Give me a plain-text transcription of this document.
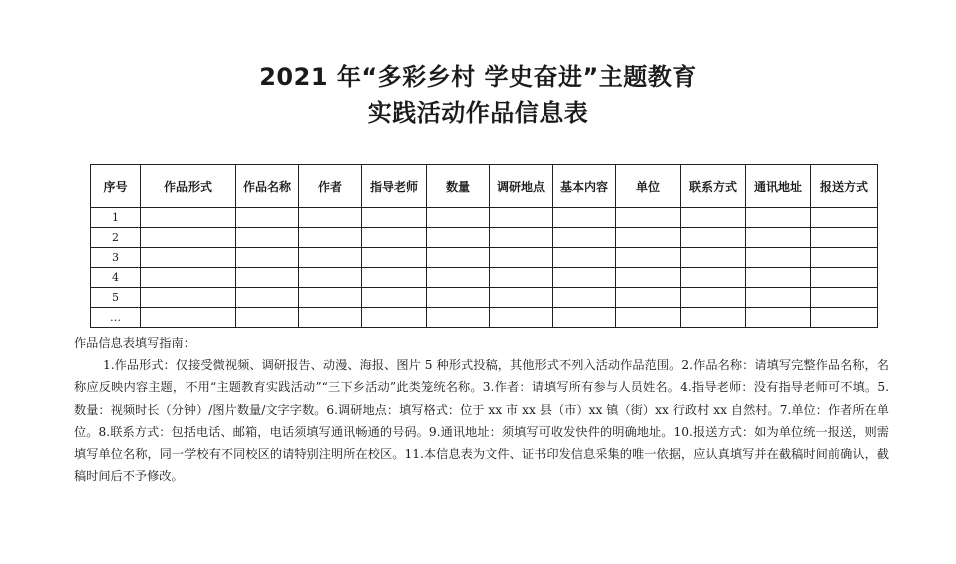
2021 年“多彩乡村 学史奋进”主题教育
实践活动作品信息表
序号	作品形式	作品名称	作者	指导老师	数量	调研地点	基本内容	单位	联系方式	通讯地址	报送方式
1											
2											
3											
4											
5											
…											

作品信息表填写指南：

1.作品形式：仅接受微视频、调研报告、动漫、海报、图片 5 种形式投稿，其他形式不列入活动作品范围。2.作品名称：请填写完整作品名称，名称应反映内容主题，不用“主题教育实践活动”“三下乡活动”此类笼统名称。3.作者：请填写所有参与人员姓名。4.指导老师：没有指导老师可不填。5.数量：视频时长（分钟）/图片数量/文字字数。6.调研地点：填写格式：位于 xx 市 xx 县（市）xx 镇（街）xx 行政村 xx 自然村。7.单位：作者所在单位。8.联系方式：包括电话、邮箱，电话须填写通讯畅通的号码。9.通讯地址：须填写可收发快件的明确地址。10.报送方式：如为单位统一报送，则需填写单位名称，同一学校有不同校区的请特别注明所在校区。11.本信息表为文件、证书印发信息采集的唯一依据，应认真填写并在截稿时间前确认，截稿时间后不予修改。
